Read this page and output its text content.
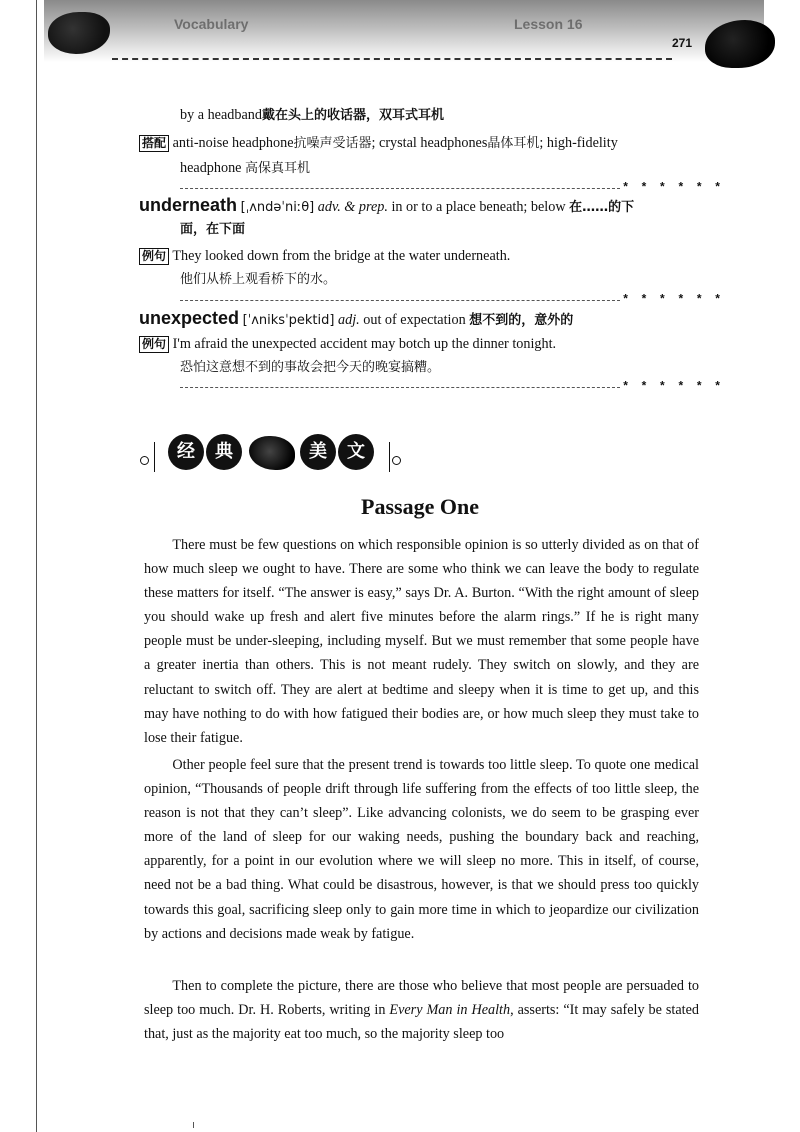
Vocabulary	Lesson 16
271
by a headband戴在头上的收话器，双耳式耳机
搭配 anti-noise headphone抗噪声受话器; crystal headphones晶体耳机; high-fidelity
headphone 高保真耳机
* * * * * *
underneath [ˌʌndəˈniːθ] adv. & prep. in or to a place beneath; below 在……的下
面，在下面
例句 They looked down from the bridge at the water underneath.
他们从桥上观看桥下的水。
* * * * * *
unexpected [ˈʌniksˈpektid] adj. out of expectation 想不到的，意外的
例句 I'm afraid the unexpected accident may botch up the dinner tonight.
恐怕这意想不到的事故会把今天的晚宴搞糟。
* * * * * *
经	典	美	文
Passage One

There must be few questions on which responsible opinion is so utterly divided as on that of how much sleep we ought to have. There are some who think we can leave the body to regulate these matters for itself. “The answer is easy,” says Dr. A. Burton. “With the right amount of sleep you should wake up fresh and alert five minutes before the alarm rings.” If he is right many people must be under-sleeping, including myself. But we must remember that some people have a greater inertia than others. This is not meant rudely. They switch on slowly, and they are reluctant to switch off. They are alert at bedtime and sleepy when it is time to get up, and this may have nothing to do with how fatigued their bodies are, or how much sleep they must take to lose their fatigue.

Other people feel sure that the present trend is towards too little sleep. To quote one medical opinion, “Thousands of people drift through life suffering from the effects of too little sleep, the reason is not that they can’t sleep”. Like advancing colonists, we do seem to be grasping ever more of the land of sleep for our waking needs, pushing the boundary back and reaching, apparently, for a point in our evolution where we will sleep no more. This in itself, of course, need not be a bad thing. What could be disastrous, however, is that we should press too quickly towards this goal, sacrificing sleep only to gain more time in which to jeopardize our civilization by actions and decisions made weak by fatigue.

Then to complete the picture, there are those who believe that most people are persuaded to sleep too much. Dr. H. Roberts, writing in Every Man in Health, asserts: “It may safely be stated that, just as the majority eat too much, so the majority sleep too
